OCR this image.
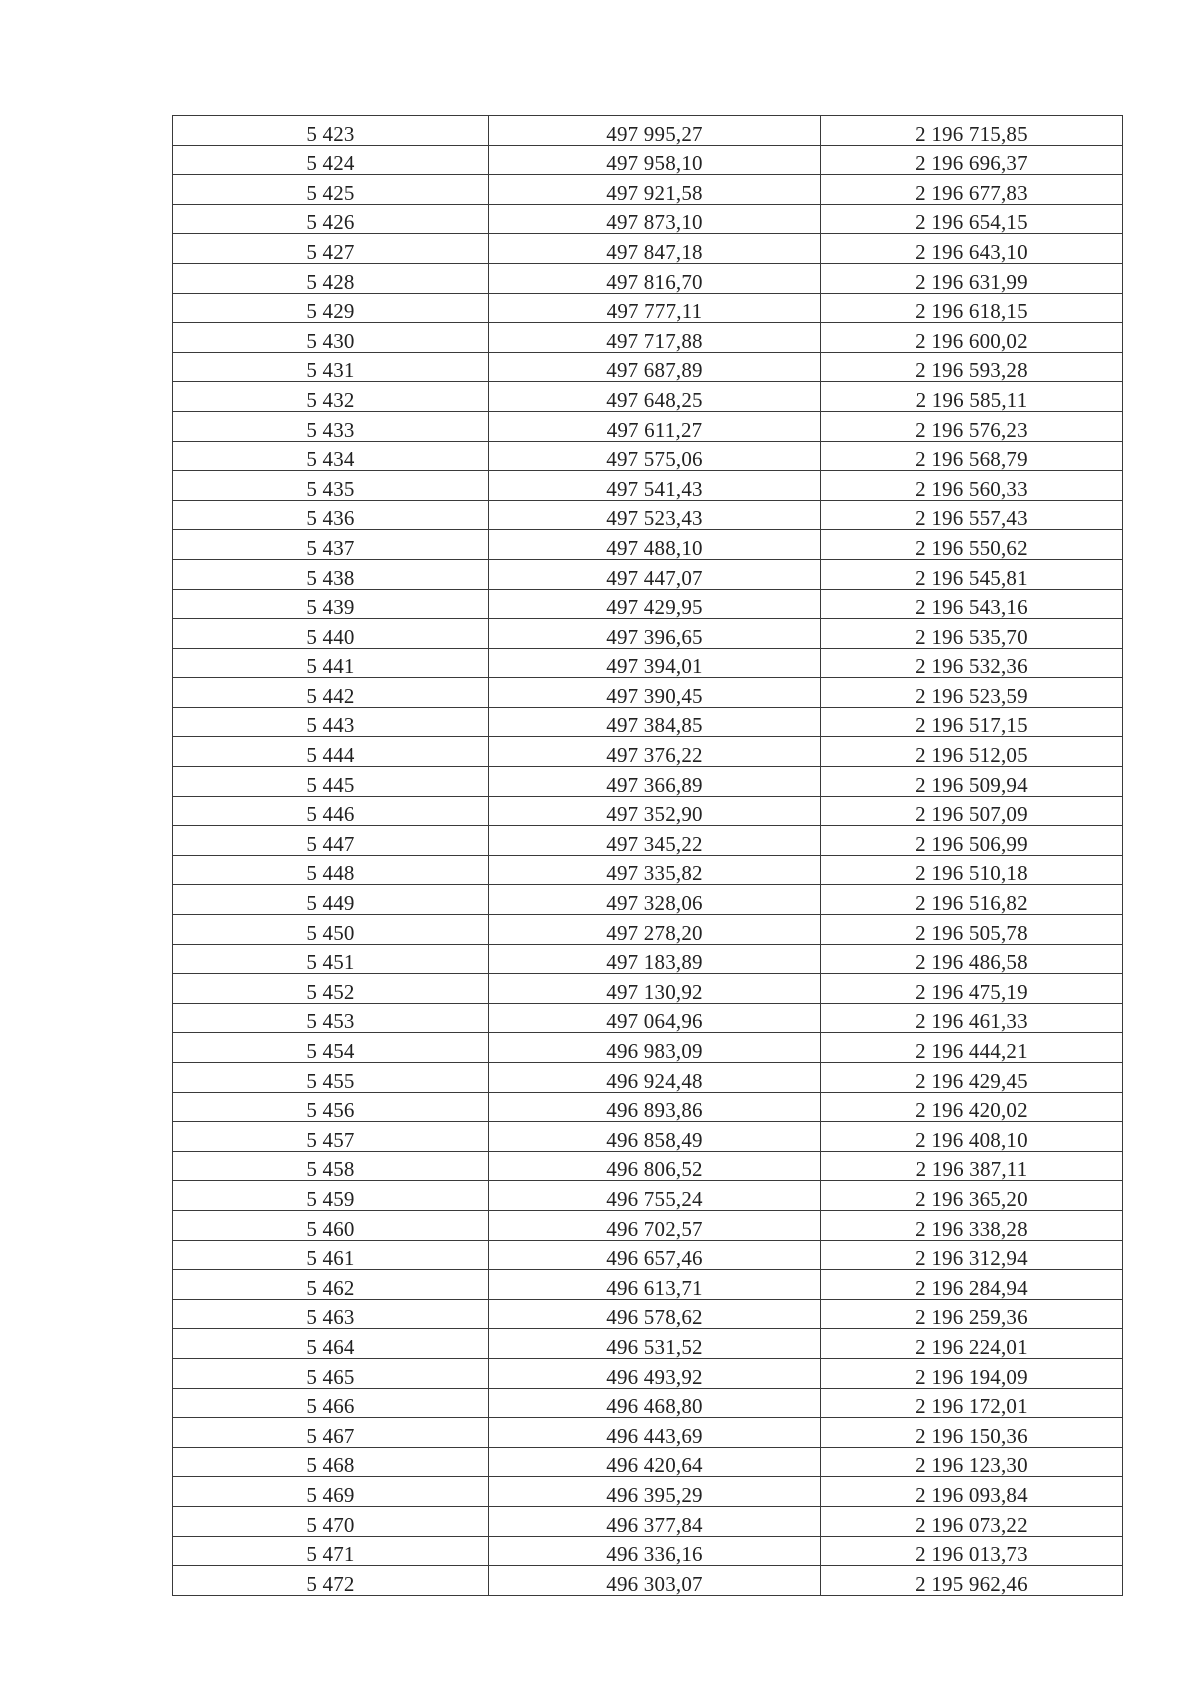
5 423	497 995,27	2 196 715,85
5 424	497 958,10	2 196 696,37
5 425	497 921,58	2 196 677,83
5 426	497 873,10	2 196 654,15
5 427	497 847,18	2 196 643,10
5 428	497 816,70	2 196 631,99
5 429	497 777,11	2 196 618,15
5 430	497 717,88	2 196 600,02
5 431	497 687,89	2 196 593,28
5 432	497 648,25	2 196 585,11
5 433	497 611,27	2 196 576,23
5 434	497 575,06	2 196 568,79
5 435	497 541,43	2 196 560,33
5 436	497 523,43	2 196 557,43
5 437	497 488,10	2 196 550,62
5 438	497 447,07	2 196 545,81
5 439	497 429,95	2 196 543,16
5 440	497 396,65	2 196 535,70
5 441	497 394,01	2 196 532,36
5 442	497 390,45	2 196 523,59
5 443	497 384,85	2 196 517,15
5 444	497 376,22	2 196 512,05
5 445	497 366,89	2 196 509,94
5 446	497 352,90	2 196 507,09
5 447	497 345,22	2 196 506,99
5 448	497 335,82	2 196 510,18
5 449	497 328,06	2 196 516,82
5 450	497 278,20	2 196 505,78
5 451	497 183,89	2 196 486,58
5 452	497 130,92	2 196 475,19
5 453	497 064,96	2 196 461,33
5 454	496 983,09	2 196 444,21
5 455	496 924,48	2 196 429,45
5 456	496 893,86	2 196 420,02
5 457	496 858,49	2 196 408,10
5 458	496 806,52	2 196 387,11
5 459	496 755,24	2 196 365,20
5 460	496 702,57	2 196 338,28
5 461	496 657,46	2 196 312,94
5 462	496 613,71	2 196 284,94
5 463	496 578,62	2 196 259,36
5 464	496 531,52	2 196 224,01
5 465	496 493,92	2 196 194,09
5 466	496 468,80	2 196 172,01
5 467	496 443,69	2 196 150,36
5 468	496 420,64	2 196 123,30
5 469	496 395,29	2 196 093,84
5 470	496 377,84	2 196 073,22
5 471	496 336,16	2 196 013,73
5 472	496 303,07	2 195 962,46
